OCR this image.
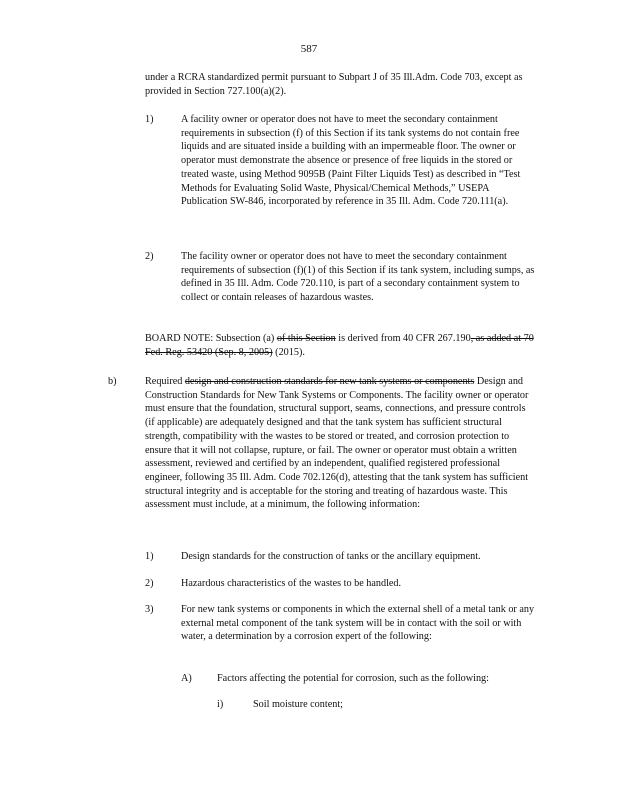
587

under a RCRA standardized permit pursuant to Subpart J of 35 Ill.Adm. Code 703, except as provided in Section 727.100(a)(2).

1)	A facility owner or operator does not have to meet the secondary containment requirements in subsection (f) of this Section if its tank systems do not contain free liquids and are situated inside a building with an impermeable floor. The owner or operator must demonstrate the absence or presence of free liquids in the stored or treated waste, using Method 9095B (Paint Filter Liquids Test) as described in “Test Methods for Evaluating Solid Waste, Physical/Chemical Methods,” USEPA Publication SW-846, incorporated by reference in 35 Ill. Adm. Code 720.111(a).

2)	The facility owner or operator does not have to meet the secondary containment requirements of subsection (f)(1) of this Section if its tank system, including sumps, as defined in 35 Ill. Adm. Code 720.110, is part of a secondary containment system to collect or contain releases of hazardous wastes.

BOARD NOTE: Subsection (a) of this Section is derived from 40 CFR 267.190, as added at 70 Fed. Reg. 53420 (Sep. 8, 2005) (2015).

b)	Required design and construction standards for new tank systems or components Design and Construction Standards for New Tank Systems or Components. The facility owner or operator must ensure that the foundation, structural support, seams, connections, and pressure controls (if applicable) are adequately designed and that the tank system has sufficient structural strength, compatibility with the wastes to be stored or treated, and corrosion protection to ensure that it will not collapse, rupture, or fail. The owner or operator must obtain a written assessment, reviewed and certified by an independent, qualified registered professional engineer, following 35 Ill. Adm. Code 702.126(d), attesting that the tank system has sufficient structural integrity and is acceptable for the storing and treating of hazardous waste. This assessment must include, at a minimum, the following information:

1)	Design standards for the construction of tanks or the ancillary equipment.

2)	Hazardous characteristics of the wastes to be handled.

3)	For new tank systems or components in which the external shell of a metal tank or any external metal component of the tank system will be in contact with the soil or with water, a determination by a corrosion expert of the following:

A) Factors affecting the potential for corrosion, such as the following:

i)	Soil moisture content;
